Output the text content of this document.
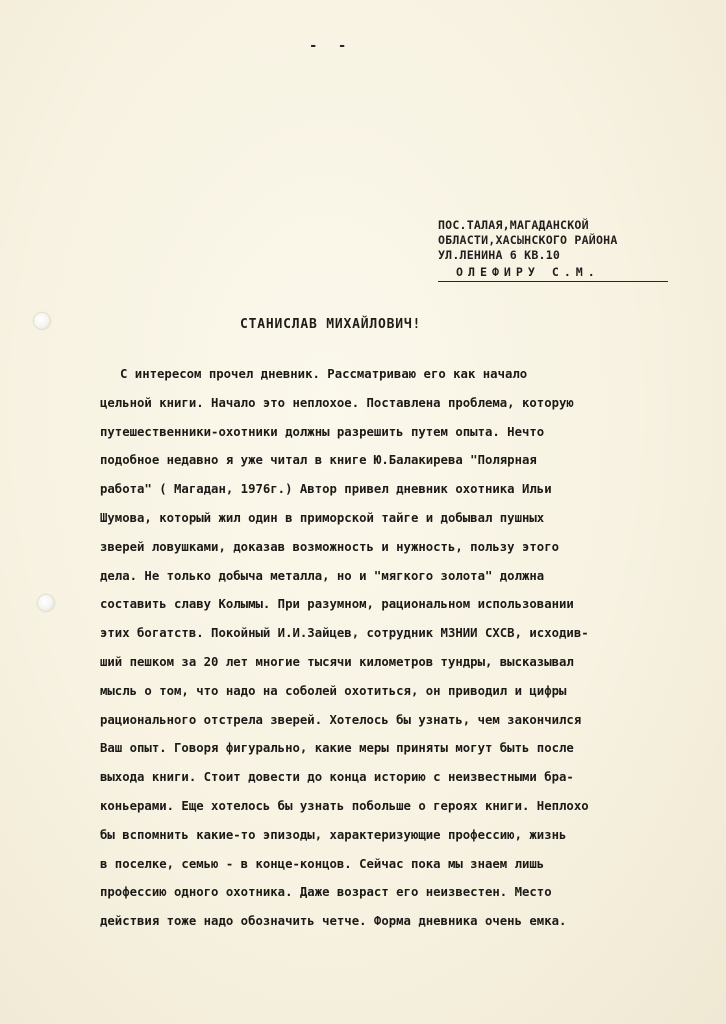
- -
ПОС.ТАЛАЯ,МАГАДАНСКОЙ
ОБЛАСТИ,ХАСЫНСКОГО РАЙОНА
УЛ.ЛЕНИНА 6 КВ.10
ОЛЕФИРУ С.М.
СТАНИСЛАВ МИХАЙЛОВИЧ!
С интересом прочел дневник. Рассматриваю его как начало
цельной книги. Начало это неплохое. Поставлена проблема, которую
путешественники-охотники должны разрешить путем опыта. Нечто
подобное недавно я уже читал в книге Ю.Балакирева "Полярная
работа" ( Магадан, 1976г.) Автор привел дневник охотника Ильи
Шумова, который жил один в приморской тайге и добывал пушных
зверей ловушками, доказав возможность и нужность, пользу этого
дела. Не только добыча металла, но и "мягкого золота" должна
составить славу Колымы. При разумном, рациональном использовании
этих богатств. Покойный И.И.Зайцев, сотрудник МЗНИИ СХСВ, исходив-
ший пешком за 20 лет многие тысячи километров тундры, высказывал
мысль о том, что надо на соболей охотиться, он приводил и цифры
рационального отстрела зверей. Хотелось бы узнать, чем закончился
Ваш опыт. Говоря фигурально, какие меры приняты могут быть после
выхода книги. Стоит довести до конца историю с неизвестными бра-
коньерами. Еще хотелось бы узнать побольше о героях книги. Неплохо
бы вспомнить какие-то эпизоды, характеризующие профессию, жизнь
в поселке, семью - в конце-концов. Сейчас пока мы знаем лишь
профессию одного охотника. Даже возраст его неизвестен. Место
действия тоже надо обозначить четче. Форма дневника очень емка.
